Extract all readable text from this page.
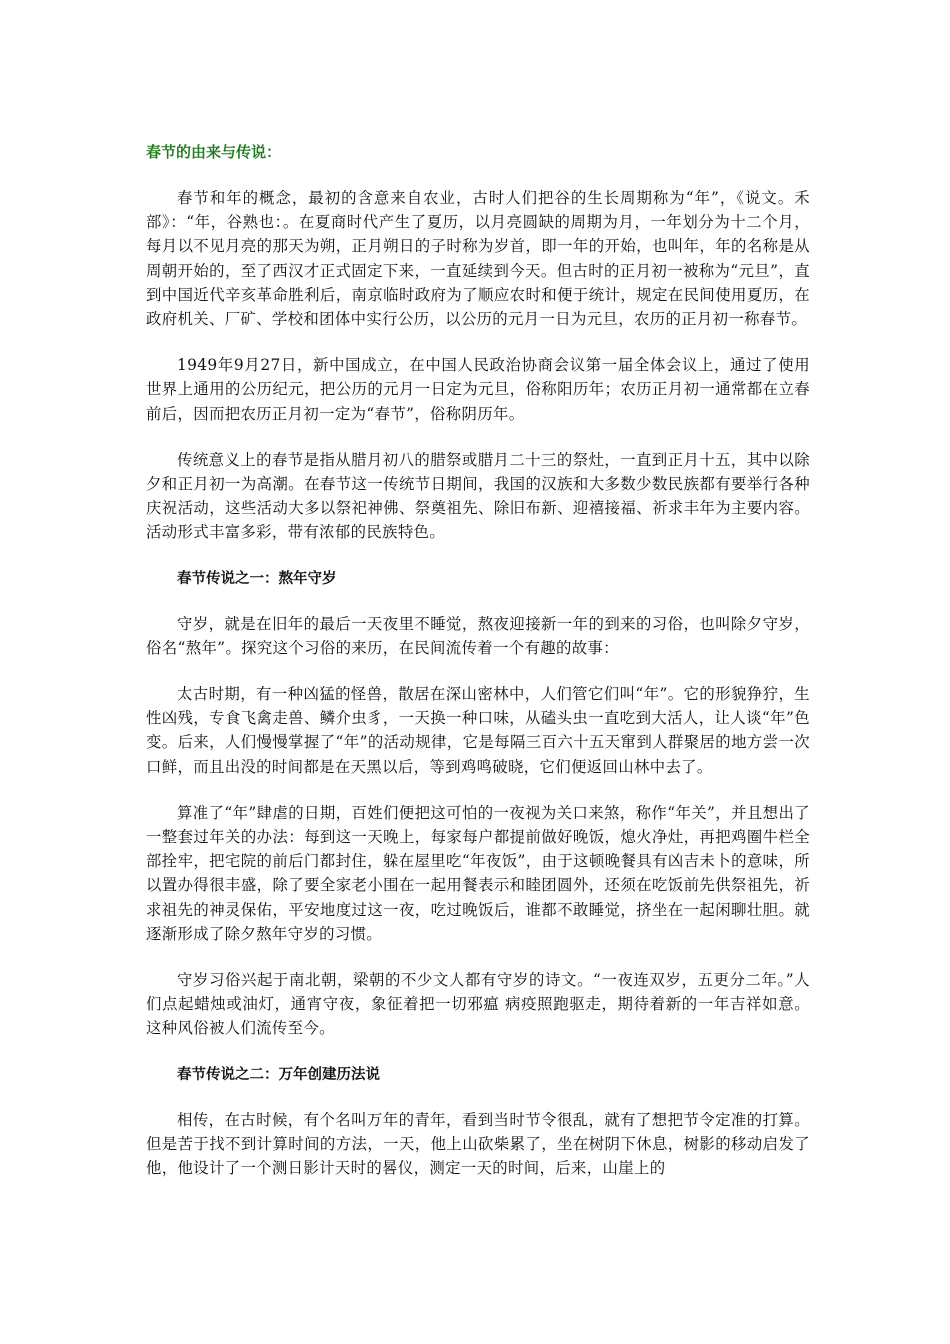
春节的由来与传说：

春节和年的概念，最初的含意来自农业，古时人们把谷的生长周期称为“年”，《说文。禾部》：“年，谷熟也：。在夏商时代产生了夏历，以月亮圆缺的周期为月，一年划分为十二个月，每月以不见月亮的那天为朔，正月朔日的子时称为岁首，即一年的开始，也叫年，年的名称是从周朝开始的，至了西汉才正式固定下来，一直延续到今天。但古时的正月初一被称为“元旦”，直到中国近代辛亥革命胜利后，南京临时政府为了顺应农时和便于统计，规定在民间使用夏历，在政府机关、厂矿、学校和团体中实行公历，以公历的元月一日为元旦，农历的正月初一称春节。

1949年9月27日，新中国成立，在中国人民政治协商会议第一届全体会议上，通过了使用世界上通用的公历纪元，把公历的元月一日定为元旦，俗称阳历年；农历正月初一通常都在立春前后，因而把农历正月初一定为“春节”，俗称阴历年。

传统意义上的春节是指从腊月初八的腊祭或腊月二十三的祭灶，一直到正月十五，其中以除夕和正月初一为高潮。在春节这一传统节日期间，我国的汉族和大多数少数民族都有要举行各种庆祝活动，这些活动大多以祭祀神佛、祭奠祖先、除旧布新、迎禧接福、祈求丰年为主要内容。活动形式丰富多彩，带有浓郁的民族特色。

春节传说之一：熬年守岁

守岁，就是在旧年的最后一天夜里不睡觉，熬夜迎接新一年的到来的习俗，也叫除夕守岁，俗名“熬年”。探究这个习俗的来历，在民间流传着一个有趣的故事：

太古时期，有一种凶猛的怪兽，散居在深山密林中，人们管它们叫“年”。它的形貌狰狞，生性凶残，专食飞禽走兽、鳞介虫豸，一天换一种口味，从磕头虫一直吃到大活人，让人谈“年”色变。后来，人们慢慢掌握了“年”的活动规律，它是每隔三百六十五天窜到人群聚居的地方尝一次口鲜，而且出没的时间都是在天黑以后，等到鸡鸣破晓，它们便返回山林中去了。

算准了“年”肆虐的日期，百姓们便把这可怕的一夜视为关口来煞，称作“年关”，并且想出了一整套过年关的办法：每到这一天晚上，每家每户都提前做好晚饭，熄火净灶，再把鸡圈牛栏全部拴牢，把宅院的前后门都封住，躲在屋里吃“年夜饭”，由于这顿晚餐具有凶吉未卜的意味，所以置办得很丰盛，除了要全家老小围在一起用餐表示和睦团圆外，还须在吃饭前先供祭祖先，祈求祖先的神灵保佑，平安地度过这一夜，吃过晚饭后，谁都不敢睡觉，挤坐在一起闲聊壮胆。就逐渐形成了除夕熬年守岁的习惯。

守岁习俗兴起于南北朝，梁朝的不少文人都有守岁的诗文。“一夜连双岁，五更分二年。”人们点起蜡烛或油灯，通宵守夜，象征着把一切邪瘟 病疫照跑驱走，期待着新的一年吉祥如意。这种风俗被人们流传至今。

春节传说之二：万年创建历法说

相传，在古时候，有个名叫万年的青年，看到当时节令很乱，就有了想把节令定准的打算。但是苦于找不到计算时间的方法，一天，他上山砍柴累了，坐在树阴下休息，树影的移动启发了他，他设计了一个测日影计天时的晷仪，测定一天的时间，后来，山崖上的
